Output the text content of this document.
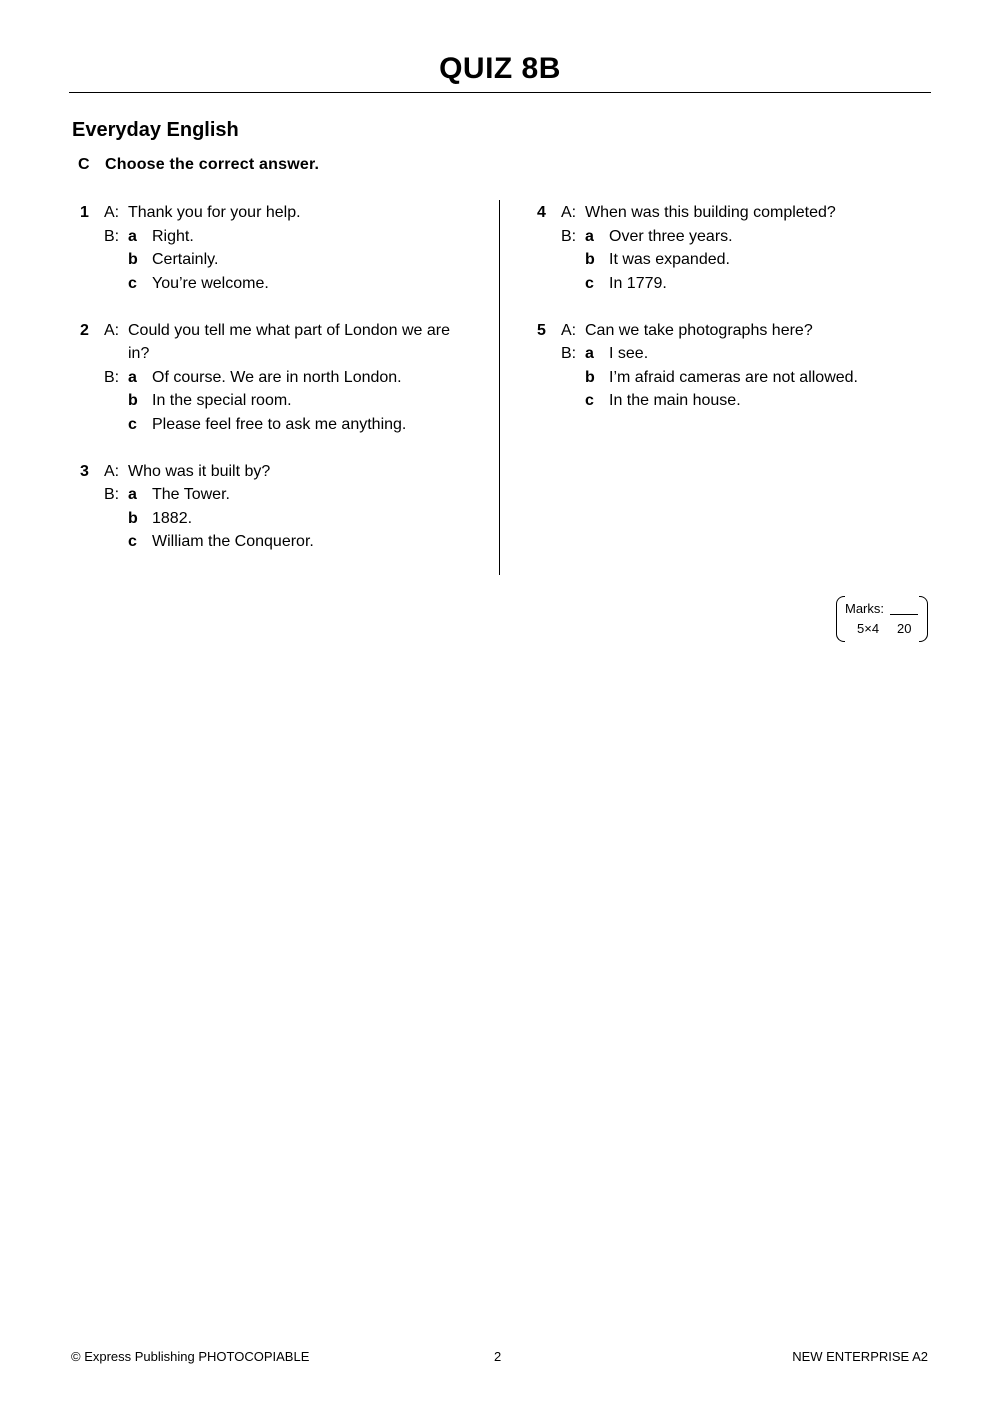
QUIZ 8B
Everyday English
C Choose the correct answer.
1 A: Thank you for your help.
B: a Right.
b Certainly.
c You’re welcome.
2 A: Could you tell me what part of London we are
in?
B: a Of course. We are in north London.
b In the special room.
c Please feel free to ask me anything.
3 A: Who was it built by?
B: a The Tower.
b 1882.
c William the Conqueror.
4 A: When was this building completed?
B: a Over three years.
b It was expanded.
c In 1779.
5 A: Can we take photographs here?
B: a I see.
b I’m afraid cameras are not allowed.
c In the main house.
Marks:
5×4 20
© Express Publishing PHOTOCOPIABLE	2	NEW ENTERPRISE A2
